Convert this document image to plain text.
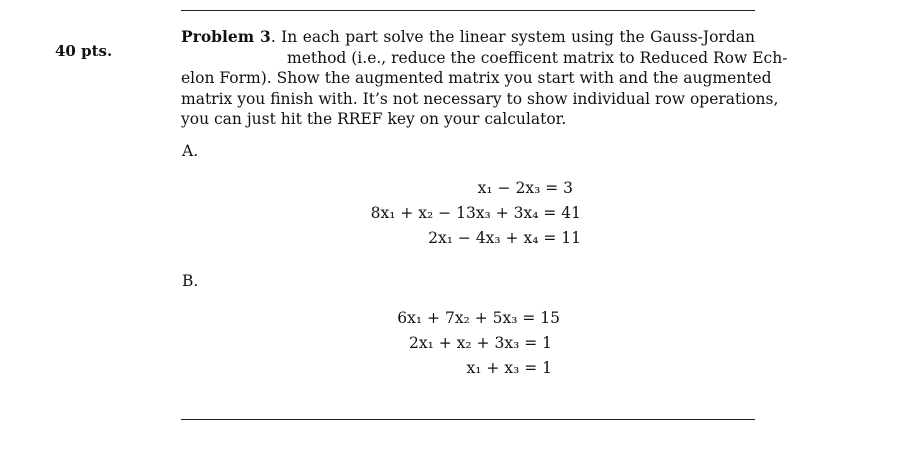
40 pts.
Problem 3. In each part solve the linear system using the Gauss-Jordan
method (i.e., reduce the coefficent matrix to Reduced Row Ech-
elon Form). Show the augmented matrix you start with and the augmented
matrix you finish with. It’s not necessary to show individual row operations,
you can just hit the RREF key on your calculator.
A.
x₁ − 2x₃ = 3
8x₁ + x₂ − 13x₃ + 3x₄ = 41
2x₁ − 4x₃ + x₄ = 11
B.
6x₁ + 7x₂ + 5x₃ = 15
2x₁ + x₂ + 3x₃ = 1
x₁ + x₃ = 1
